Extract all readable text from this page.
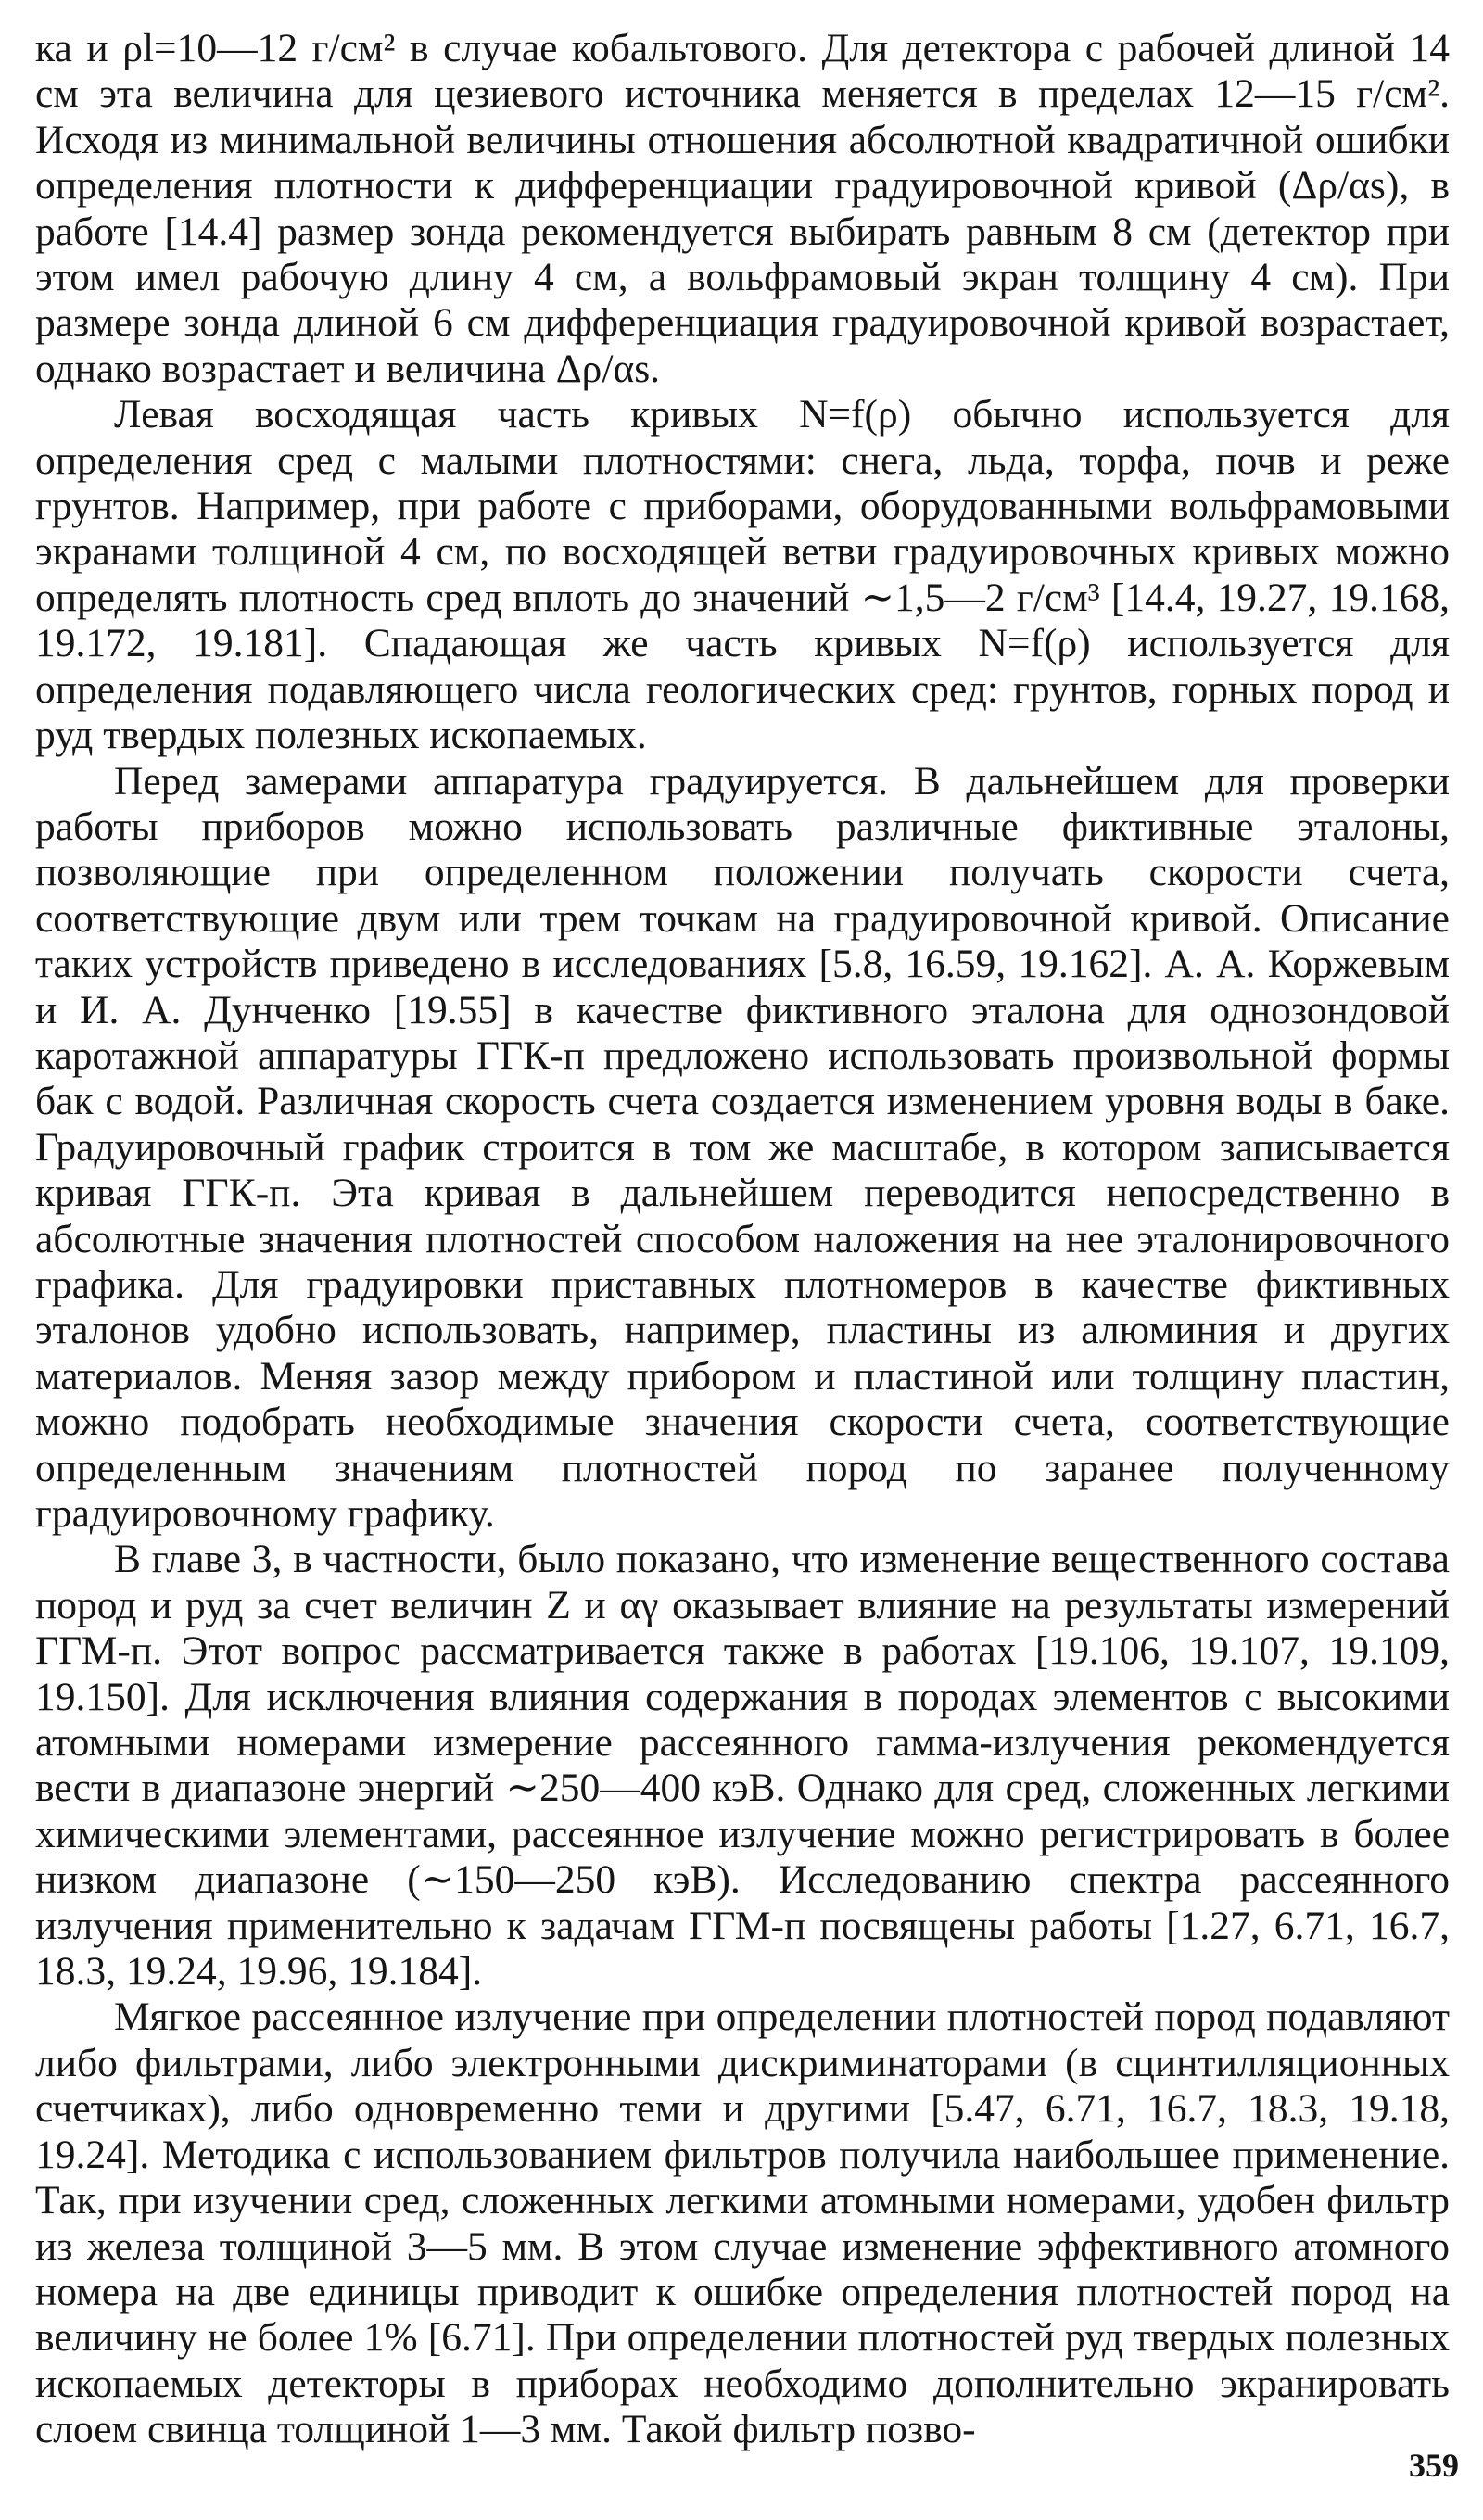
ка и ρl=10—12 г/см² в случае кобальтового. Для детектора с рабочей длиной 14 см эта величина для цезиевого источника меняется в пределах 12—15 г/см². Исходя из минимальной величины отношения абсолютной квадратичной ошибки определения плотности к дифференциации градуировочной кривой (Δρ/αs), в работе [14.4] размер зонда рекомендуется выбирать равным 8 см (детектор при этом имел рабочую длину 4 см, а вольфрамовый экран толщину 4 см). При размере зонда длиной 6 см дифференциация градуировочной кривой возрастает, однако возрастает и величина Δρ/αs.

Левая восходящая часть кривых N=f(ρ) обычно используется для определения сред с малыми плотностями: снега, льда, торфа, почв и реже грунтов. Например, при работе с приборами, оборудованными вольфрамовыми экранами толщиной 4 см, по восходящей ветви градуировочных кривых можно определять плотность сред вплоть до значений ∼1,5—2 г/см³ [14.4, 19.27, 19.168, 19.172, 19.181]. Спадающая же часть кривых N=f(ρ) используется для определения подавляющего числа геологических сред: грунтов, горных пород и руд твердых полезных ископаемых.

Перед замерами аппаратура градуируется. В дальнейшем для проверки работы приборов можно использовать различные фиктивные эталоны, позволяющие при определенном положении получать скорости счета, соответствующие двум или трем точкам на градуировочной кривой. Описание таких устройств приведено в исследованиях [5.8, 16.59, 19.162]. А. А. Коржевым и И. А. Дунченко [19.55] в качестве фиктивного эталона для однозондовой каротажной аппаратуры ГГК-п предложено использовать произвольной формы бак с водой. Различная скорость счета создается изменением уровня воды в баке. Градуировочный график строится в том же масштабе, в котором записывается кривая ГГК-п. Эта кривая в дальнейшем переводится непосредственно в абсолютные значения плотностей способом наложения на нее эталонировочного графика. Для градуировки приставных плотномеров в качестве фиктивных эталонов удобно использовать, например, пластины из алюминия и других материалов. Меняя зазор между прибором и пластиной или толщину пластин, можно подобрать необходимые значения скорости счета, соответствующие определенным значениям плотностей пород по заранее полученному градуировочному графику.

В главе 3, в частности, было показано, что изменение вещественного состава пород и руд за счет величин Z и αγ оказывает влияние на результаты измерений ГГМ-п. Этот вопрос рассматривается также в работах [19.106, 19.107, 19.109, 19.150]. Для исключения влияния содержания в породах элементов с высокими атомными номерами измерение рассеянного гамма-излучения рекомендуется вести в диапазоне энергий ∼250—400 кэВ. Однако для сред, сложенных легкими химическими элементами, рассеянное излучение можно регистрировать в более низком диапазоне (∼150—250 кэВ). Исследованию спектра рассеянного излучения применительно к задачам ГГМ-п посвящены работы [1.27, 6.71, 16.7, 18.3, 19.24, 19.96, 19.184].

Мягкое рассеянное излучение при определении плотностей пород подавляют либо фильтрами, либо электронными дискриминаторами (в сцинтилляционных счетчиках), либо одновременно теми и другими [5.47, 6.71, 16.7, 18.3, 19.18, 19.24]. Методика с использованием фильтров получила наибольшее применение. Так, при изучении сред, сложенных легкими атомными номерами, удобен фильтр из железа толщиной 3—5 мм. В этом случае изменение эффективного атомного номера на две единицы приводит к ошибке определения плотностей пород на величину не более 1% [6.71]. При определении плотностей руд твердых полезных ископаемых детекторы в приборах необходимо дополнительно экранировать слоем свинца толщиной 1—3 мм. Такой фильтр позво-

359
